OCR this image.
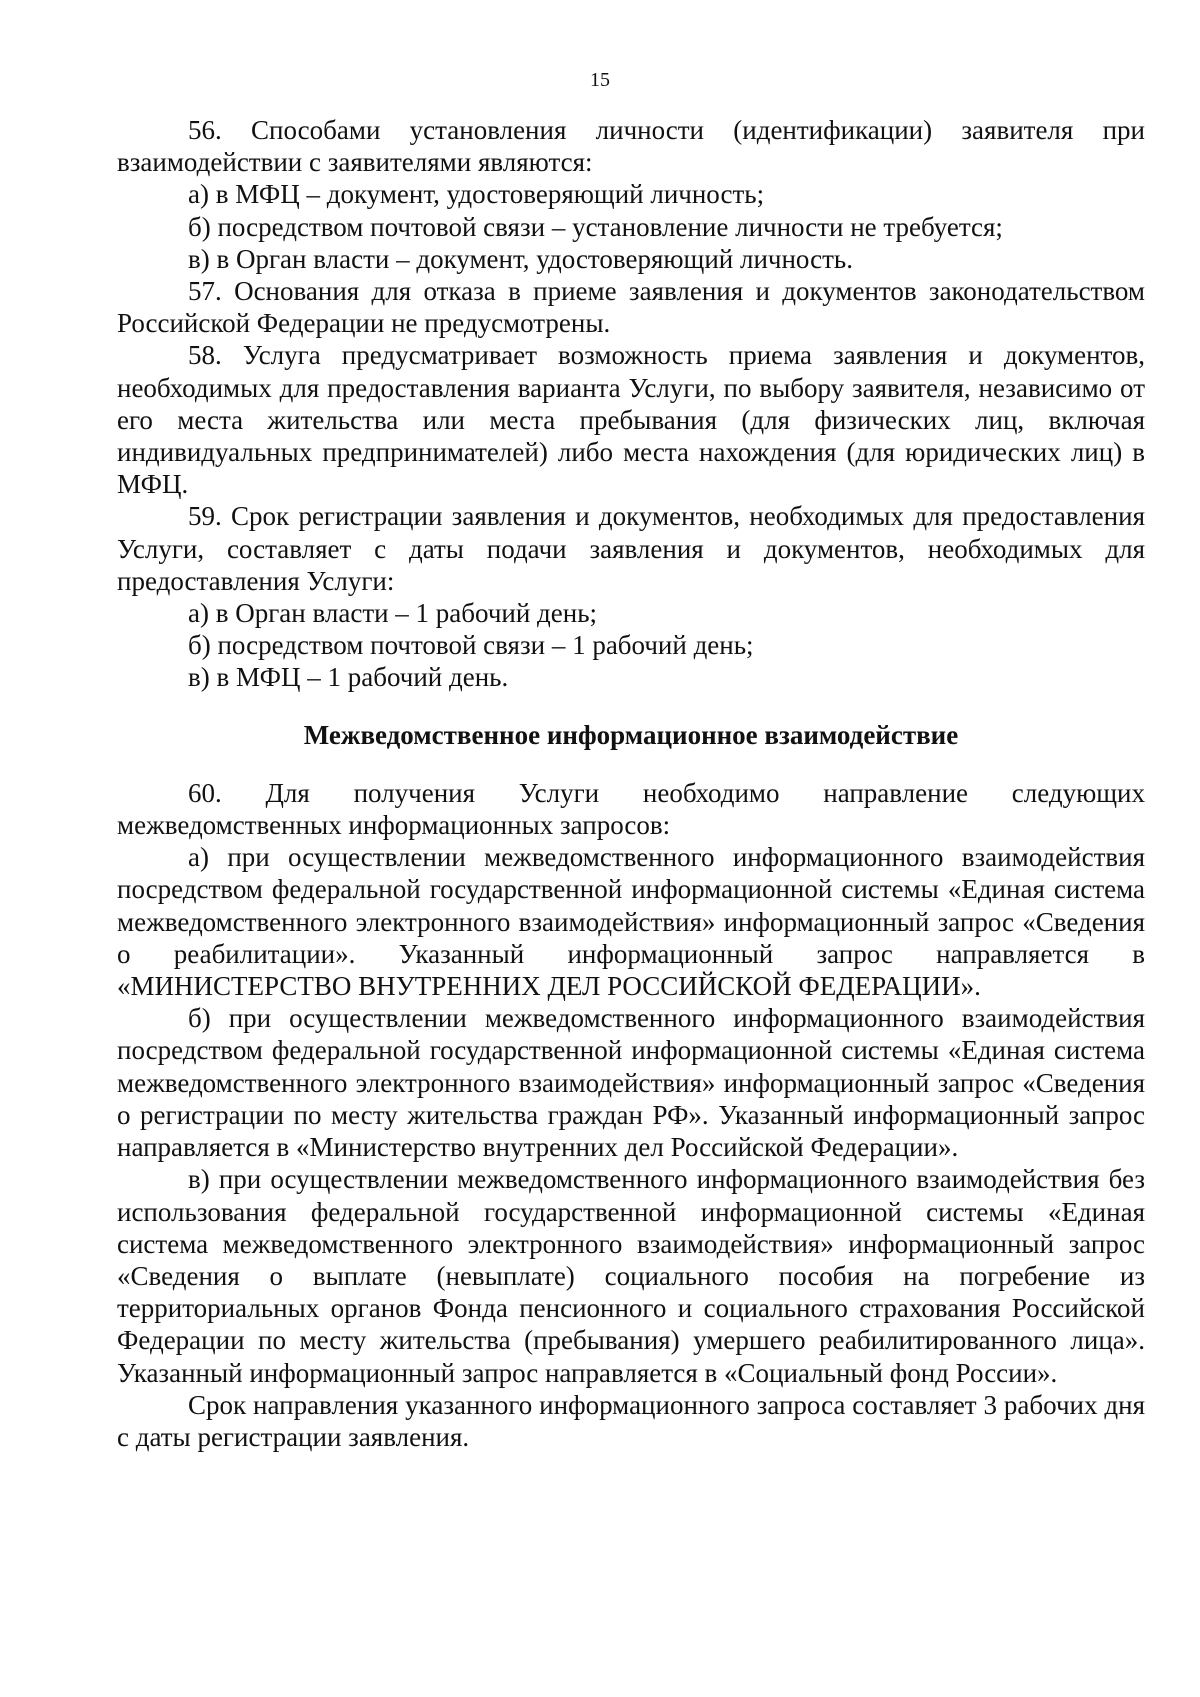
15

56. Способами установления личности (идентификации) заявителя при взаимодействии с заявителями являются:

а) в МФЦ – документ, удостоверяющий личность;

б) посредством почтовой связи – установление личности не требуется;

в) в Орган власти – документ, удостоверяющий личность.

57. Основания для отказа в приеме заявления и документов законодательством Российской Федерации не предусмотрены.

58. Услуга предусматривает возможность приема заявления и документов, необходимых для предоставления варианта Услуги, по выбору заявителя, независимо от его места жительства или места пребывания (для физических лиц, включая индивидуальных предпринимателей) либо места нахождения (для юридических лиц) в МФЦ.

59. Срок регистрации заявления и документов, необходимых для предоставления Услуги, составляет с даты подачи заявления и документов, необходимых для предоставления Услуги:

а) в Орган власти – 1 рабочий день;

б) посредством почтовой связи – 1 рабочий день;

в) в МФЦ – 1 рабочий день.

Межведомственное информационное взаимодействие

60. Для получения Услуги необходимо направление следующих межведомственных информационных запросов:

а) при осуществлении межведомственного информационного взаимодействия посредством федеральной государственной информационной системы «Единая система межведомственного электронного взаимодействия» информационный запрос «Сведения о реабилитации». Указанный информационный запрос направляется в «МИНИСТЕРСТВО ВНУТРЕННИХ ДЕЛ РОССИЙСКОЙ ФЕДЕРАЦИИ».

б) при осуществлении межведомственного информационного взаимодействия посредством федеральной государственной информационной системы «Единая система межведомственного электронного взаимодействия» информационный запрос «Сведения о регистрации по месту жительства граждан РФ». Указанный информационный запрос направляется в «Министерство внутренних дел Российской Федерации».

в) при осуществлении межведомственного информационного взаимодействия без использования федеральной государственной информационной системы «Единая система межведомственного электронного взаимодействия» информационный запрос «Сведения о выплате (невыплате) социального пособия на погребение из территориальных органов Фонда пенсионного и социального страхования Российской Федерации по месту жительства (пребывания) умершего реабилитированного лица». Указанный информационный запрос направляется в «Социальный фонд России».

Срок направления указанного информационного запроса составляет 3 рабочих дня с даты регистрации заявления.
